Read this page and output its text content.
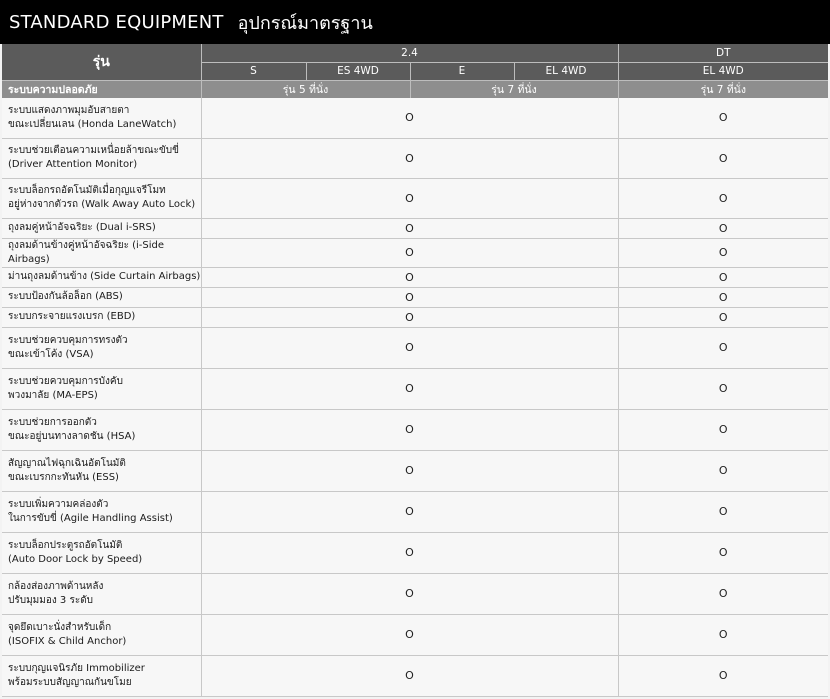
STANDARD EQUIPMENT อุปกรณ์มาตรฐาน
รุ่น	2.4				DT
	S	ES 4WD	E	EL 4WD	EL 4WD
ระบบความปลอดภัย	รุ่น 5 ที่นั่ง		รุ่น 7 ที่นั่ง		รุ่น 7 ที่นั่ง

ระบบแสดงภาพมุมอับสายตา
ขณะเปลี่ยนเลน (Honda LaneWatch)	O				O

ระบบช่วยเตือนความเหนื่อยล้าขณะขับขี่
(Driver Attention Monitor)	O				O

ระบบล็อกรถอัตโนมัติเมื่อกุญแจรีโมท
อยู่ห่างจากตัวรถ (Walk Away Auto Lock)	O				O

ถุงลมคู่หน้าอัจฉริยะ (Dual i-SRS)	O				O

ถุงลมด้านข้างคู่หน้าอัจฉริยะ (i-Side Airbags)	O				O

ม่านถุงลมด้านข้าง (Side Curtain Airbags)	O				O

ระบบป้องกันล้อล็อก (ABS)	O				O

ระบบกระจายแรงเบรก (EBD)	O				O

ระบบช่วยควบคุมการทรงตัว
ขณะเข้าโค้ง (VSA)	O				O

ระบบช่วยควบคุมการบังคับ
พวงมาลัย (MA-EPS)	O				O

ระบบช่วยการออกตัว
ขณะอยู่บนทางลาดชัน (HSA)	O				O

สัญญาณไฟฉุกเฉินอัตโนมัติ
ขณะเบรกกะทันหัน (ESS)	O				O

ระบบเพิ่มความคล่องตัว
ในการขับขี่ (Agile Handling Assist)	O				O

ระบบล็อกประตูรถอัตโนมัติ
(Auto Door Lock by Speed)	O				O

กล้องส่องภาพด้านหลัง
ปรับมุมมอง 3 ระดับ	O				O

จุดยึดเบาะนั่งสำหรับเด็ก
(ISOFIX & Child Anchor)	O				O

ระบบกุญแจนิรภัย Immobilizer
พร้อมระบบสัญญาณกันขโมย	O				O
